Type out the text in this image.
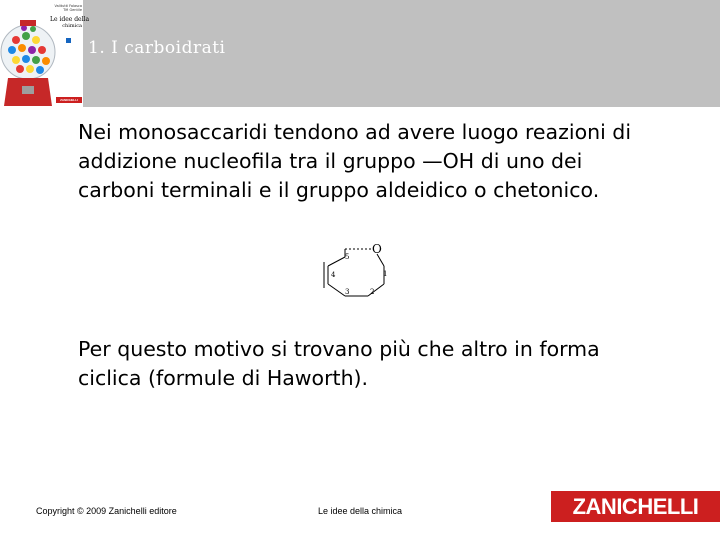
Valitutti Falasca Tifi Gentile
Le idee della
chimica
ZANICHELLI
1. I carboidrati

Nei monosaccaridi tendono ad avere luogo reazioni di addizione nucleofila tra il gruppo —OH di uno dei carboni terminali e il gruppo aldeidico o chetonico.

O
5
4
3	2
1

Per questo motivo si trovano più che altro in forma ciclica (formule di Haworth).

Copyright © 2009 Zanichelli editore	Le idee della chimica	ZANICHELLI
